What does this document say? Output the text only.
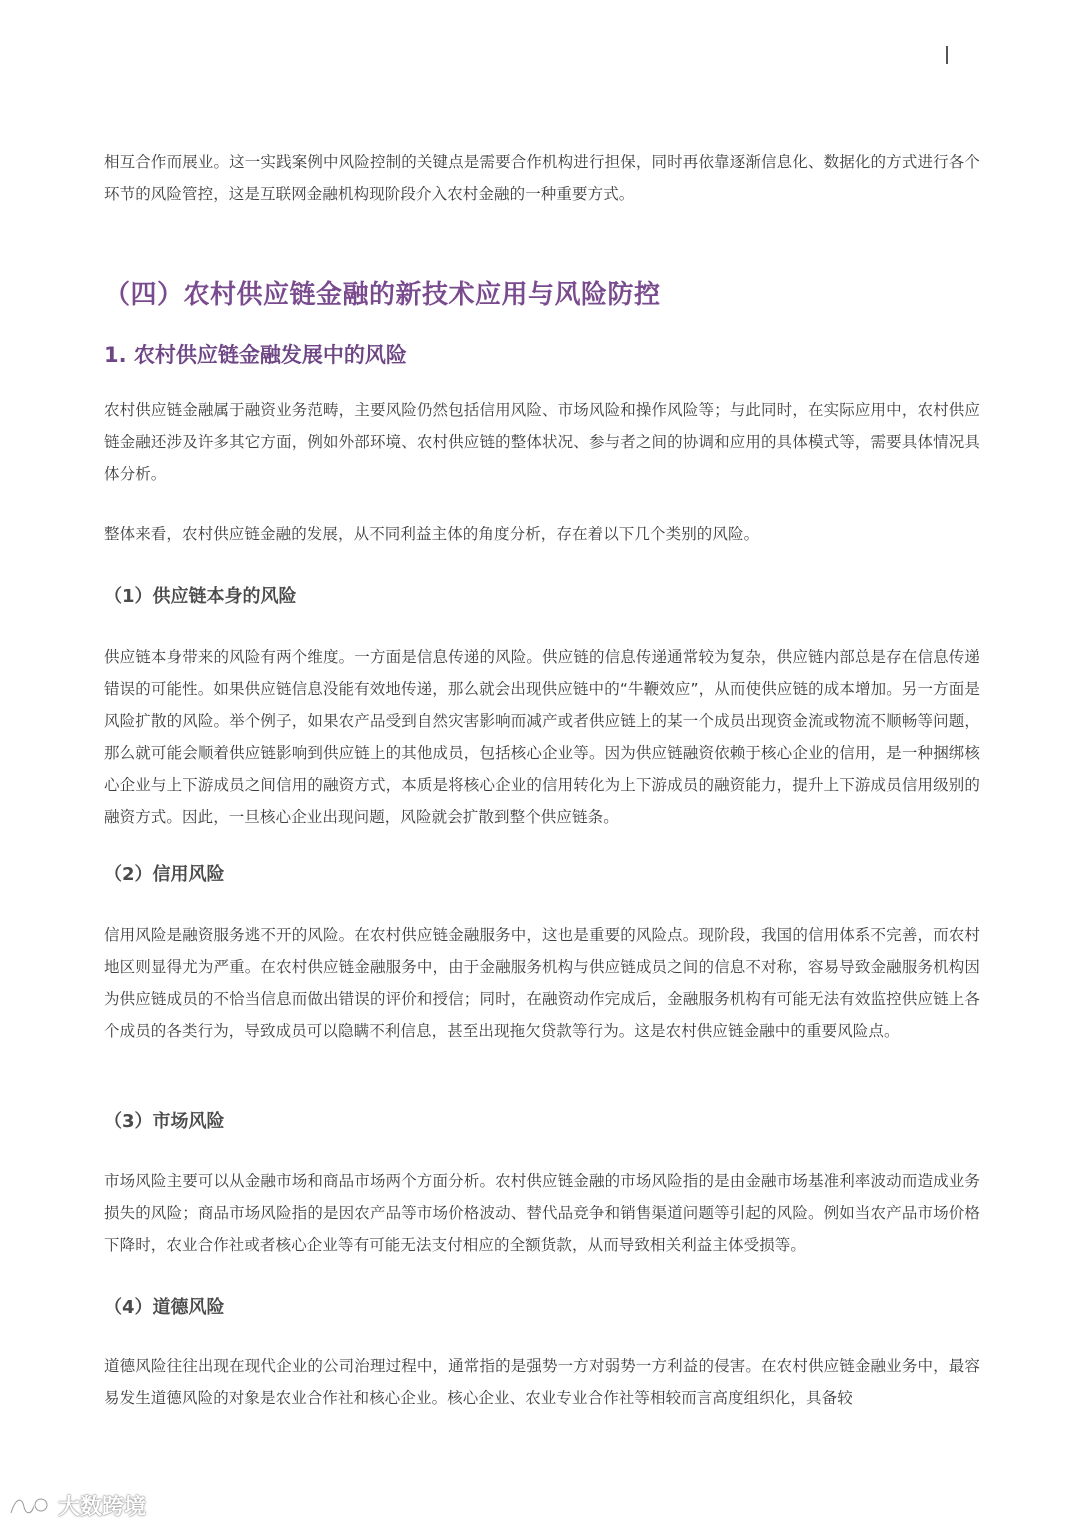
相互合作而展业。这一实践案例中风险控制的关键点是需要合作机构进行担保，同时再依靠逐渐信息化、数据化的方式进行各个环节的风险管控，这是互联网金融机构现阶段介入农村金融的一种重要方式。

（四）农村供应链金融的新技术应用与风险防控
1. 农村供应链金融发展中的风险

农村供应链金融属于融资业务范畴，主要风险仍然包括信用风险、市场风险和操作风险等；与此同时，在实际应用中，农村供应链金融还涉及许多其它方面，例如外部环境、农村供应链的整体状况、参与者之间的协调和应用的具体模式等，需要具体情况具体分析。

整体来看，农村供应链金融的发展，从不同利益主体的角度分析，存在着以下几个类别的风险。

（1）供应链本身的风险

供应链本身带来的风险有两个维度。一方面是信息传递的风险。供应链的信息传递通常较为复杂，供应链内部总是存在信息传递错误的可能性。如果供应链信息没能有效地传递，那么就会出现供应链中的“牛鞭效应”，从而使供应链的成本增加。另一方面是风险扩散的风险。举个例子，如果农产品受到自然灾害影响而减产或者供应链上的某一个成员出现资金流或物流不顺畅等问题，那么就可能会顺着供应链影响到供应链上的其他成员，包括核心企业等。因为供应链融资依赖于核心企业的信用，是一种捆绑核心企业与上下游成员之间信用的融资方式，本质是将核心企业的信用转化为上下游成员的融资能力，提升上下游成员信用级别的融资方式。因此，一旦核心企业出现问题，风险就会扩散到整个供应链条。

（2）信用风险

信用风险是融资服务逃不开的风险。在农村供应链金融服务中，这也是重要的风险点。现阶段，我国的信用体系不完善，而农村地区则显得尤为严重。在农村供应链金融服务中，由于金融服务机构与供应链成员之间的信息不对称，容易导致金融服务机构因为供应链成员的不恰当信息而做出错误的评价和授信；同时，在融资动作完成后，金融服务机构有可能无法有效监控供应链上各个成员的各类行为，导致成员可以隐瞒不利信息，甚至出现拖欠贷款等行为。这是农村供应链金融中的重要风险点。

（3）市场风险

市场风险主要可以从金融市场和商品市场两个方面分析。农村供应链金融的市场风险指的是由金融市场基准利率波动而造成业务损失的风险；商品市场风险指的是因农产品等市场价格波动、替代品竞争和销售渠道问题等引起的风险。例如当农产品市场价格下降时，农业合作社或者核心企业等有可能无法支付相应的全额货款，从而导致相关利益主体受损等。

（4）道德风险

道德风险往往出现在现代企业的公司治理过程中，通常指的是强势一方对弱势一方利益的侵害。在农村供应链金融业务中，最容易发生道德风险的对象是农业合作社和核心企业。核心企业、农业专业合作社等相较而言高度组织化，具备较

大数跨境
